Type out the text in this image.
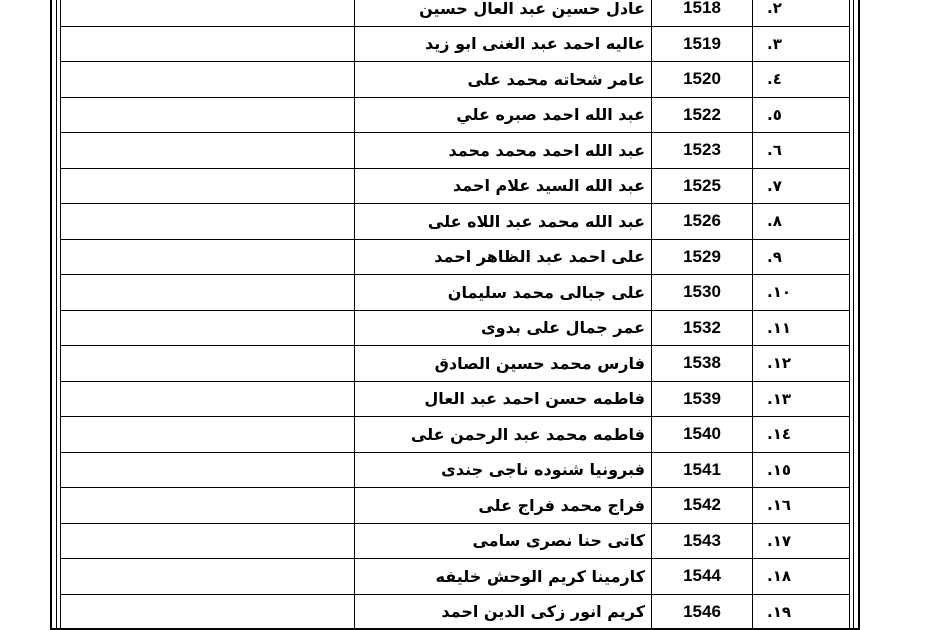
٢.	1518	عادل حسين عبد العال حسين	
٣.	1519	عاليه احمد عبد الغنى ابو زيد	
٤.	1520	عامر شحاته محمد على	
٥.	1522	عبد الله احمد صبره علي	
٦.	1523	عبد الله احمد محمد محمد	
٧.	1525	عبد الله السيد علام احمد	
٨.	1526	عبد الله محمد عبد اللاه على	
٩.	1529	على احمد عبد الظاهر احمد	
١٠.	1530	على جبالى محمد سليمان	
١١.	1532	عمر جمال على بدوى	
١٢.	1538	فارس محمد حسين الصادق	
١٣.	1539	فاطمه حسن احمد عبد العال	
١٤.	1540	فاطمه محمد عبد الرحمن على	
١٥.	1541	فبرونيا شنوده ناجى جندى	
١٦.	1542	فراج محمد فراج على	
١٧.	1543	كاتى حنا نصرى سامى	
١٨.	1544	كارمينا كريم الوحش خليفه	
١٩.	1546	كريم انور زكى الدين احمد	
